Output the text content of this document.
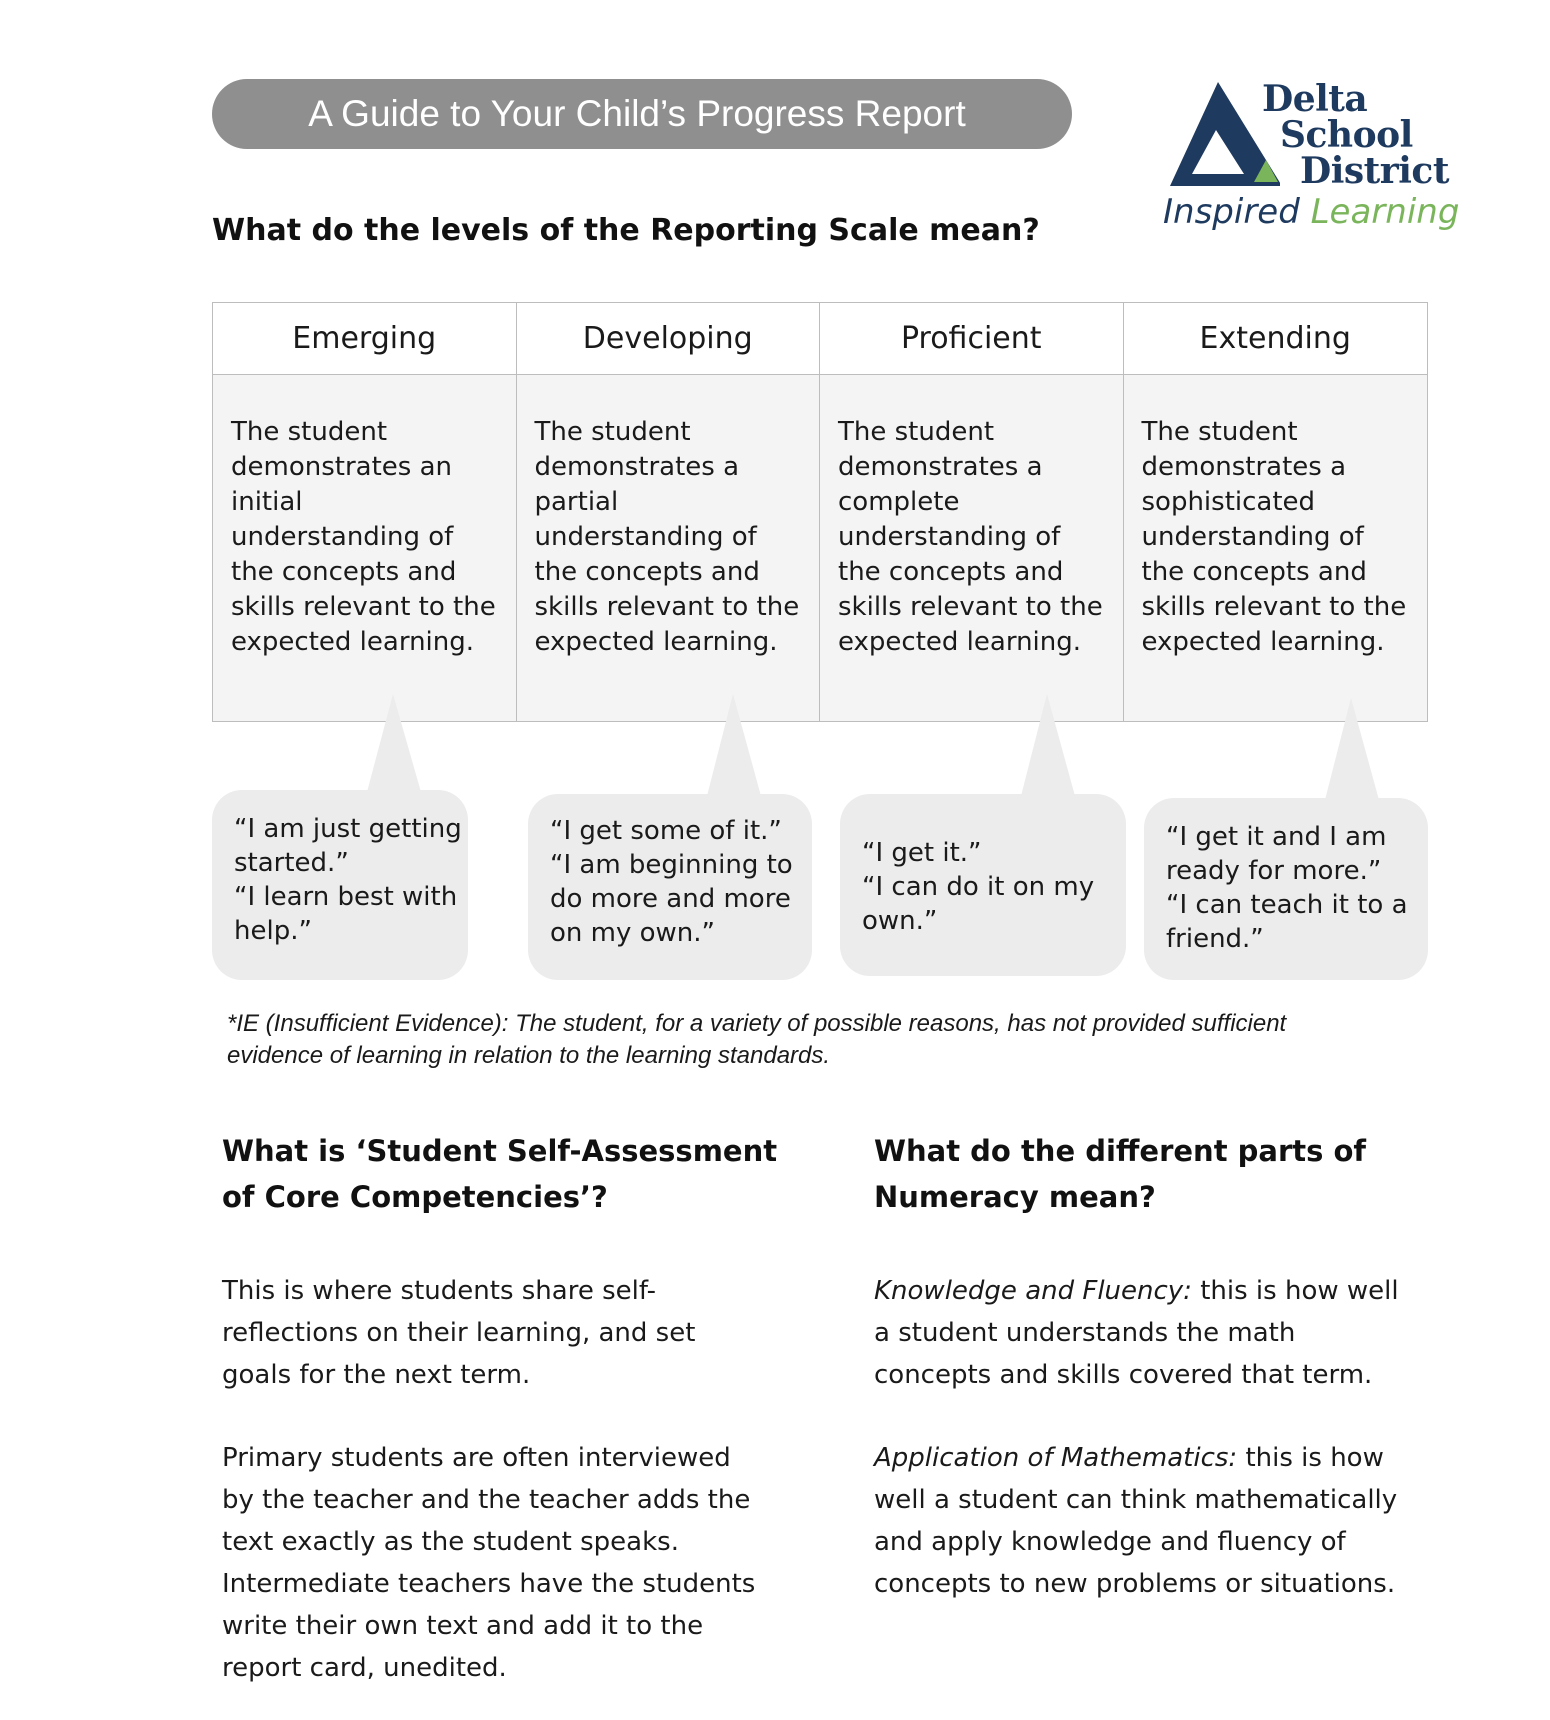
A Guide to Your Child’s Progress Report	Delta
School
District
Inspired Learning
What do the levels of the Reporting Scale mean?
Emerging	Developing	Proficient	Extending
The student demonstrates an initial understanding of the concepts and skills relevant to the expected learning.
The student demonstrates a partial understanding of the concepts and skills relevant to the expected learning.
The student demonstrates a complete understanding of the concepts and skills relevant to the expected learning.
The student demonstrates a sophisticated understanding of the concepts and skills relevant to the expected learning.
“I am just getting
started.”
“I learn best with
help.”
“I get some of it.”
“I am beginning to
do more and more
on my own.”
“I get it.”
“I can do it on my
own.”
“I get it and I am
ready for more.”
“I can teach it to a
friend.”
*IE (Insufficient Evidence): The student, for a variety of possible reasons, has not provided sufficient
evidence of learning in relation to the learning standards.
What is ‘Student Self-Assessment
of Core Competencies’?
This is where students share self-
reflections on their learning, and set
goals for the next term.
Primary students are often interviewed
by the teacher and the teacher adds the
text exactly as the student speaks.
Intermediate teachers have the students
write their own text and add it to the
report card, unedited.
What do the different parts of
Numeracy mean?
Knowledge and Fluency: this is how well
a student understands the math
concepts and skills covered that term.
Application of Mathematics: this is how
well a student can think mathematically
and apply knowledge and fluency of
concepts to new problems or situations.
